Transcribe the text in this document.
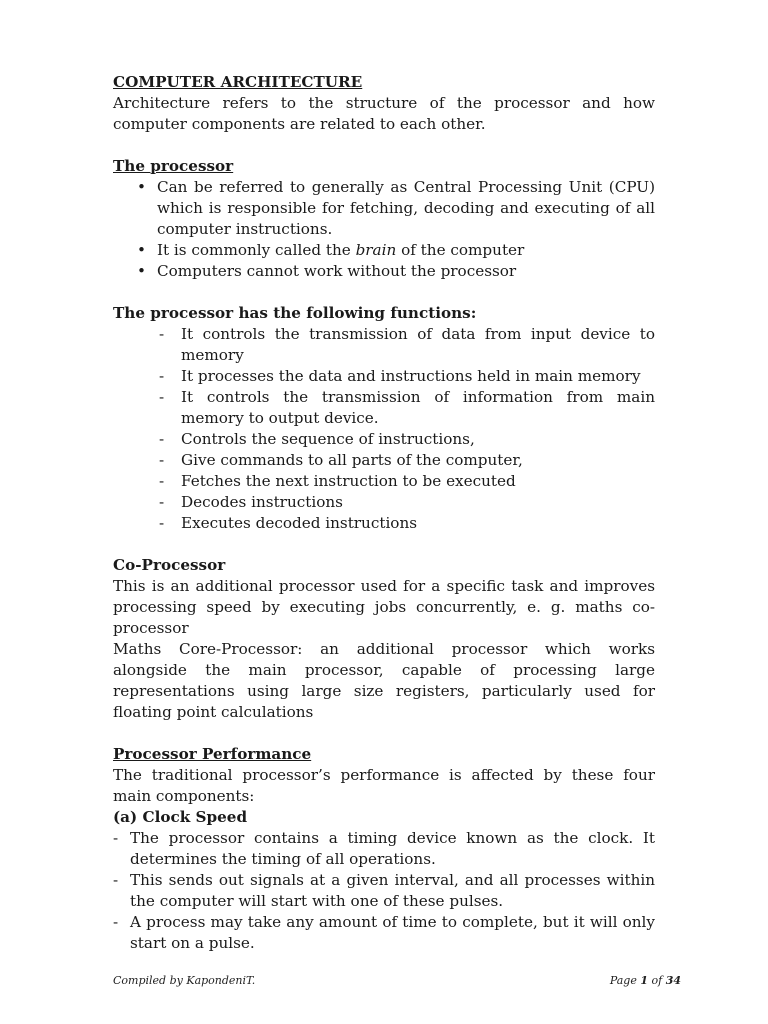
COMPUTER ARCHITECTURE

Architecture refers to the structure of the processor and how computer components are related to each other.

The processor

• Can be referred to generally as Central Processing Unit (CPU) which is responsible for fetching, decoding and executing of all computer instructions.
• It is commonly called the brain of the computer
• Computers cannot work without the processor

The processor has the following functions:

- It controls the transmission of data from input device to memory
- It processes the data and instructions held in main memory
- It controls the transmission of information from main memory to output device.
- Controls the sequence of instructions,
- Give commands to all parts of the computer,
- Fetches the next instruction to be executed
- Decodes instructions
- Executes decoded instructions

Co-Processor

This is an additional processor used for a specific task and improves processing speed by executing jobs concurrently, e. g. maths co-processor

Maths Core-Processor: an additional processor which works alongside the main processor, capable of processing large representations using large size registers, particularly used for floating point calculations

Processor Performance

The traditional processor’s performance is affected by these four main components:

(a) Clock Speed

- The processor contains a timing device known as the clock. It determines the timing of all operations.
- This sends out signals at a given interval, and all processes within the computer will start with one of these pulses.
- A process may take any amount of time to complete, but it will only start on a pulse.
Compiled by KapondeniT.	Page 1 of 34
